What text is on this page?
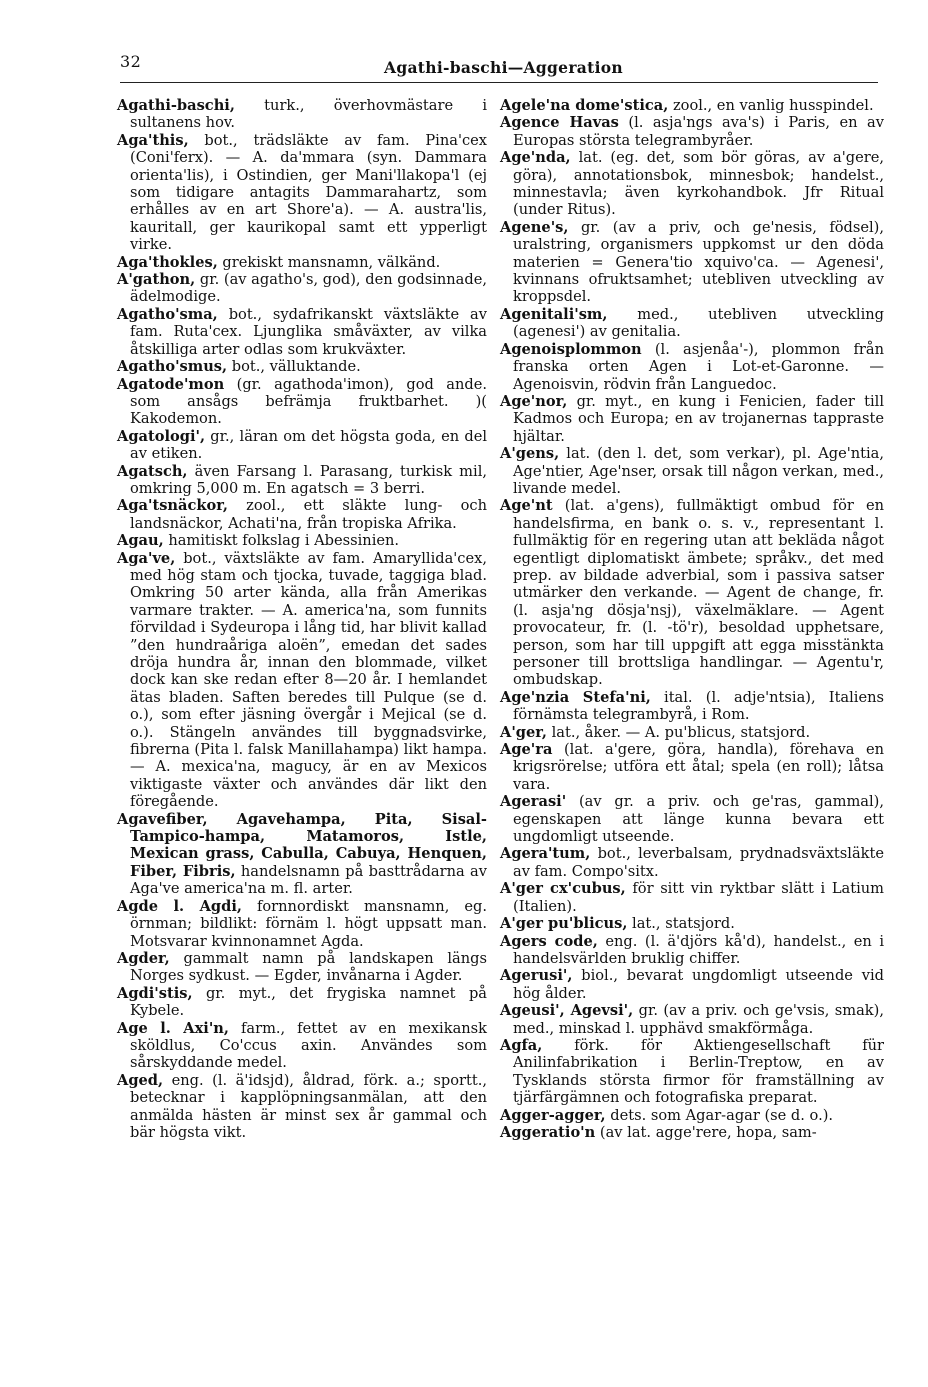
32	Agathi-baschi—Aggeration

Agathi-baschi, turk., överhovmästare i sultanens hov.

Aga'this, bot., trädsläkte av fam. Pina'cex (Coni'ferx). — A. da'mmara (syn. Dammara orienta'lis), i Ostindien, ger Mani'llakopa'l (ej som tidigare antagits Dammarahartz, som erhålles av en art Shore'a). — A. austra'lis, kauritall, ger kaurikopal samt ett ypperligt virke.

Aga'thokles, grekiskt mansnamn, välkänd.

A'gathon, gr. (av agatho's, god), den godsinnade, ädelmodige.

Agatho'sma, bot., sydafrikanskt växtsläkte av fam. Ruta'cex. Ljunglika småväxter, av vilka åtskilliga arter odlas som krukväxter.

Agatho'smus, bot., välluktande.

Agatode'mon (gr. agathoda'imon), god ande. som ansågs befrämja fruktbarhet. )( Kakodemon.

Agatologi', gr., läran om det högsta goda, en del av etiken.

Agatsch, även Farsang l. Parasang, turkisk mil, omkring 5,000 m. En agatsch = 3 berri.

Aga'tsnäckor, zool., ett släkte lung- och landsnäckor, Achati'na, från tropiska Afrika.

Agau, hamitiskt folkslag i Abessinien.

Aga've, bot., växtsläkte av fam. Amaryllida'cex, med hög stam och tjocka, tuvade, taggiga blad. Omkring 50 arter kända, alla från Amerikas varmare trakter. — A. america'na, som funnits förvildad i Sydeuropa i lång tid, har blivit kallad ”den hundraåriga aloën”, emedan det sades dröja hundra år, innan den blommade, vilket dock kan ske redan efter 8—20 år. I hemlandet ätas bladen. Saften beredes till Pulque (se d. o.), som efter jäsning övergår i Mejical (se d. o.). Stängeln användes till byggnadsvirke, fibrerna (Pita l. falsk Manillahampa) likt hampa. — A. mexica'na, magucy, är en av Mexicos viktigaste växter och användes där likt den föregående.

Agavefiber, Agavehampa, Pita, Sisal-Tampico-hampa, Matamoros, Istle, Mexican grass, Cabulla, Cabuya, Henquen, Fiber, Fibris, handelsnamn på basttrådarna av Aga've america'na m. fl. arter.

Agde l. Agdi, fornnordiskt mansnamn, eg. örnman; bildlikt: förnäm l. högt uppsatt man. Motsvarar kvinnonamnet Agda.

Agder, gammalt namn på landskapen längs Norges sydkust. — Egder, invånarna i Agder.

Agdi'stis, gr. myt., det frygiska namnet på Kybele.

Age l. Axi'n, farm., fettet av en mexikansk sköldlus, Co'ccus axin. Användes som sårskyddande medel.

Aged, eng. (l. ä'idsjd), åldrad, förk. a.; sportt., betecknar i kapplöpningsanmälan, att den anmälda hästen är minst sex år gammal och bär högsta vikt.

Agele'na dome'stica, zool., en vanlig husspindel.

Agence Havas (l. asja'ngs ava's) i Paris, en av Europas största telegrambyråer.

Age'nda, lat. (eg. det, som bör göras, av a'gere, göra), annotationsbok, minnesbok; handelst., minnestavla; även kyrkohandbok. Jfr Ritual (under Ritus).

Agene's, gr. (av a priv, och ge'nesis, födsel), uralstring, organismers uppkomst ur den döda materien = Genera'tio xquivo'ca. — Agenesi', kvinnans ofruktsamhet; utebliven utveckling av kroppsdel.

Agenitali'sm, med., utebliven utveckling (agenesi') av genitalia.

Agenoisplommon (l. asjenåa'-), plommon från franska orten Agen i Lot-et-Garonne. — Agenoisvin, rödvin från Languedoc.

Age'nor, gr. myt., en kung i Fenicien, fader till Kadmos och Europa; en av trojanernas tappraste hjältar.

A'gens, lat. (den l. det, som verkar), pl. Age'ntia, Age'ntier, Age'nser, orsak till någon verkan, med., livande medel.

Age'nt (lat. a'gens), fullmäktigt ombud för en handelsfirma, en bank o. s. v., representant l. fullmäktig för en regering utan att bekläda något egentligt diplomatiskt ämbete; språkv., det med prep. av bildade adverbial, som i passiva satser utmärker den verkande. — Agent de change, fr. (l. asja'ng dösja'nsj), växelmäklare. — Agent provocateur, fr. (l. -tö'r), besoldad upphetsare, person, som har till uppgift att egga misstänkta personer till brottsliga handlingar. — Agentu'r, ombudskap.

Age'nzia Stefa'ni, ital. (l. adje'ntsia), Italiens förnämsta telegrambyrå, i Rom.

A'ger, lat., åker. — A. pu'blicus, statsjord.

Age'ra (lat. a'gere, göra, handla), förehava en krigsrörelse; utföra ett åtal; spela (en roll); låtsa vara.

Agerasi' (av gr. a priv. och ge'ras, gammal), egenskapen att länge kunna bevara ett ungdomligt utseende.

Agera'tum, bot., leverbalsam, prydnadsväxtsläkte av fam. Compo'sitx.

A'ger cx'cubus, för sitt vin ryktbar slätt i Latium (Italien).

A'ger pu'blicus, lat., statsjord.

Agers code, eng. (l. ä'djörs kå'd), handelst., en i handelsvärlden bruklig chiffer.

Agerusi', biol., bevarat ungdomligt utseende vid hög ålder.

Ageusi', Agevsi', gr. (av a priv. och ge'vsis, smak), med., minskad l. upphävd smakförmåga.

Agfa, förk. för Aktiengesellschaft für Anilinfabrikation i Berlin-Treptow, en av Tysklands största firmor för framställning av tjärfärgämnen och fotografiska preparat.

Agger-agger, dets. som Agar-agar (se d. o.).

Aggeratio'n (av lat. agge'rere, hopa, sam-
